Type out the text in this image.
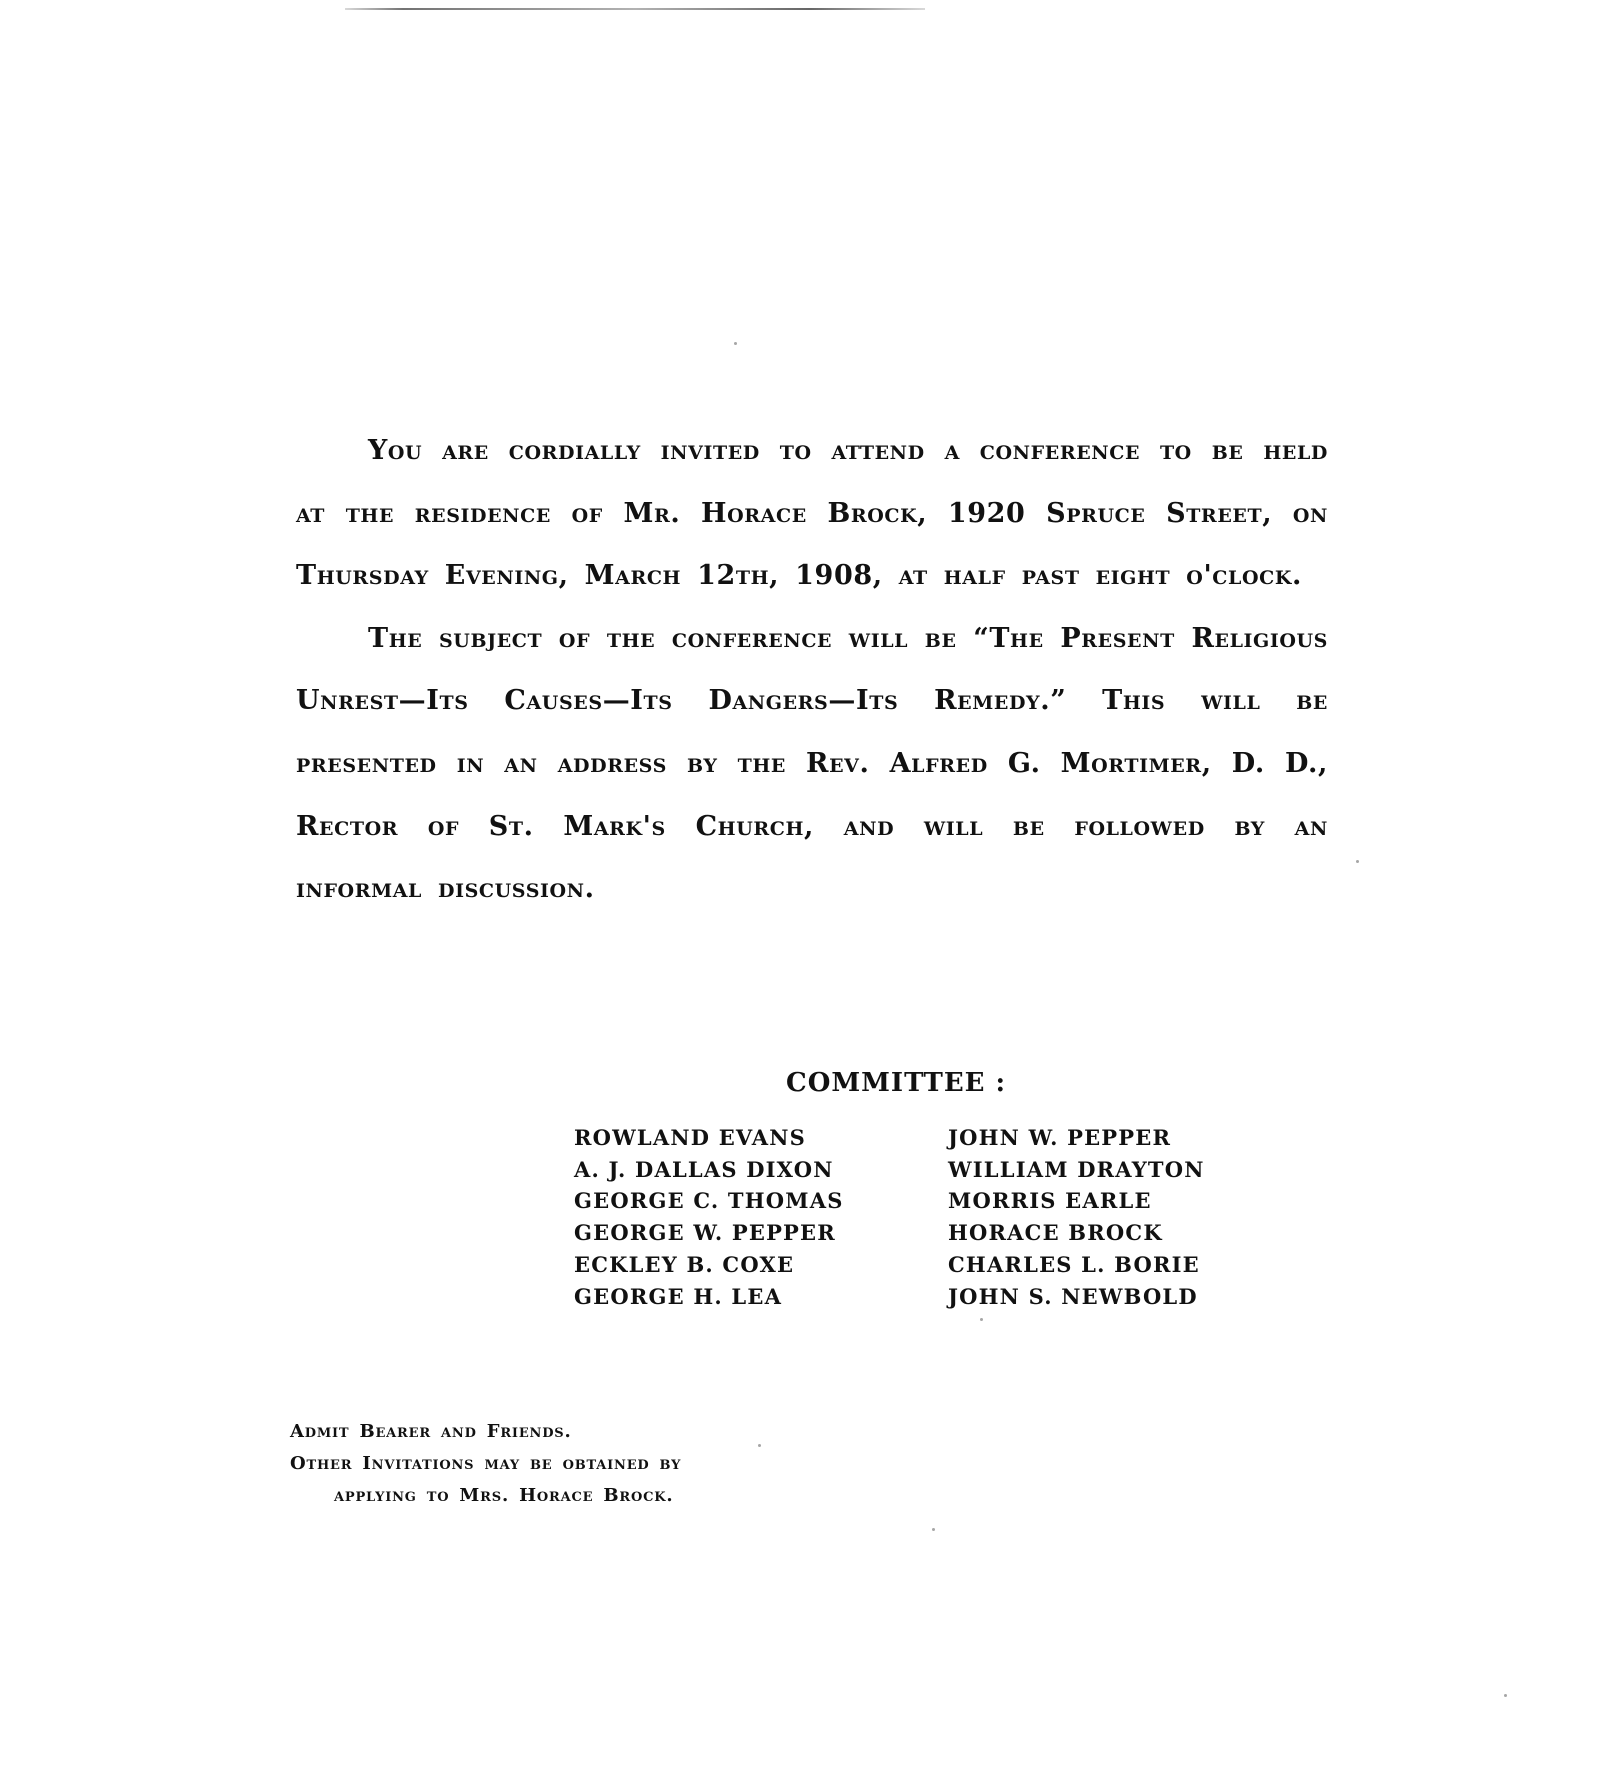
You are cordially invited to attend a conference to be held at the residence of Mr. Horace Brock, 1920 Spruce Street, on Thursday Evening, March 12th, 1908, at half past eight o'clock.

The subject of the conference will be “The Present Religious Unrest—Its Causes—Its Dangers—Its Remedy.” This will be presented in an address by the Rev. Alfred G. Mortimer, D. D., Rector of St. Mark's Church, and will be followed by an informal discussion.

COMMITTEE :
ROWLAND EVANS
A. J. DALLAS DIXON
GEORGE C. THOMAS
GEORGE W. PEPPER
ECKLEY B. COXE
GEORGE H. LEA
JOHN W. PEPPER
WILLIAM DRAYTON
MORRIS EARLE
HORACE BROCK
CHARLES L. BORIE
JOHN S. NEWBOLD
Admit Bearer and Friends.
Other Invitations may be obtained by
applying to Mrs. Horace Brock.
